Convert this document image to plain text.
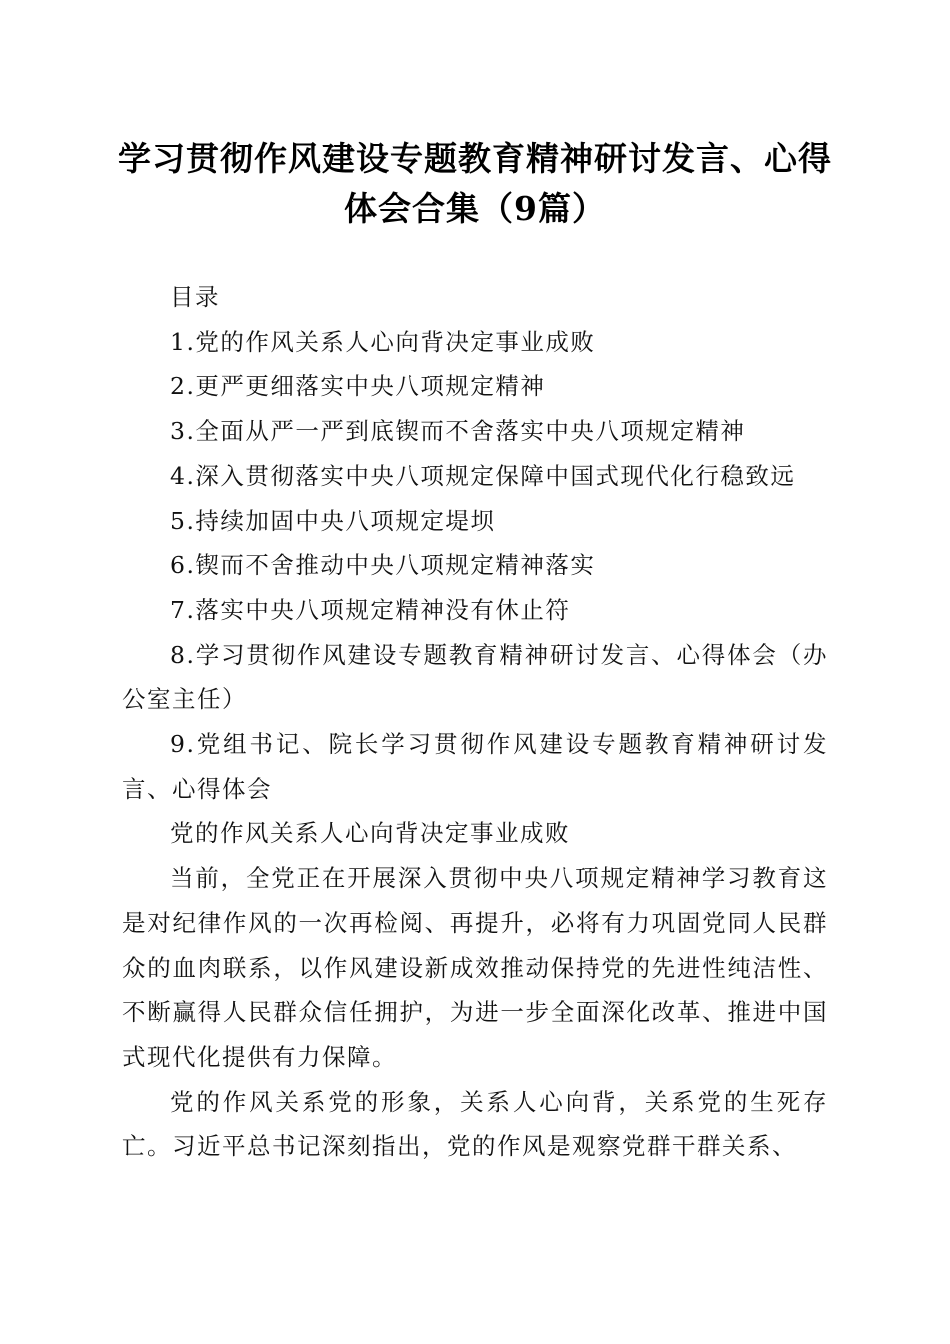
学习贯彻作风建设专题教育精神研讨发言、心得体会合集（9篇）

目录

1.党的作风关系人心向背决定事业成败

2.更严更细落实中央八项规定精神

3.全面从严一严到底锲而不舍落实中央八项规定精神

4.深入贯彻落实中央八项规定保障中国式现代化行稳致远

5.持续加固中央八项规定堤坝

6.锲而不舍推动中央八项规定精神落实

7.落实中央八项规定精神没有休止符

8.学习贯彻作风建设专题教育精神研讨发言、心得体会（办公室主任）

9.党组书记、院长学习贯彻作风建设专题教育精神研讨发言、心得体会

党的作风关系人心向背决定事业成败

当前，全党正在开展深入贯彻中央八项规定精神学习教育这是对纪律作风的一次再检阅、再提升，必将有力巩固党同人民群众的血肉联系，以作风建设新成效推动保持党的先进性纯洁性、不断赢得人民群众信任拥护，为进一步全面深化改革、推进中国式现代化提供有力保障。

党的作风关系党的形象，关系人心向背，关系党的生死存亡。习近平总书记深刻指出，党的作风是观察党群干群关系、
